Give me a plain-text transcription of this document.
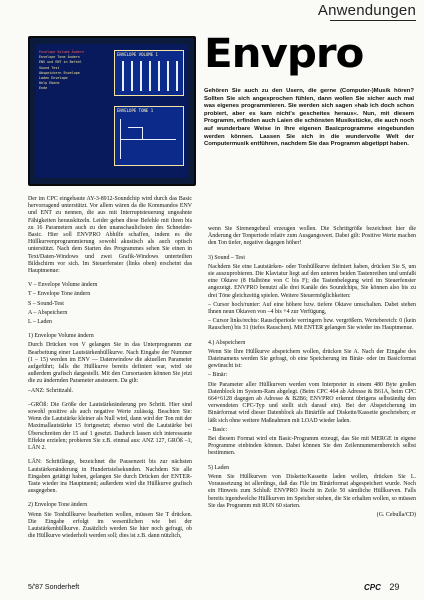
Anwendungen
Envelope Volume Ändern
Envelope Tone Ändern
ENV und ENT in Befehl
Sound Test
Abspeichern Envelope
Laden Envelope
Help Ebene
Ende
ENVELOPE VOLUME 1
ENVELOPE TONE 1
Envpro
Gehören Sie auch zu den Usern, die gerne (Computer-)Musik hören? Sollten Sie sich angesprochen fühlen, dann wollen Sie sicher auch mal was eigenes programmieren. Sie werden sich sagen »hab ich doch schon probiert, aber es kam nicht's gescheites heraus«. Nun, mit diesem Programm, erfinden auch Laien die schönsten Musikstücke, die auch noch auf wunderbare Weise in Ihre eigenen Basicprogramme eingebunden werden können. Lassen Sie sich in die wundervolle Welt der Computermusik entführen, nachdem Sie das Programm abgetippt haben.

Der im CPC eingebaute AY-3-8912-Soundchip wird durch das Basic hervorragend unterstützt. Vor allem wären da die Kommandos ENV und ENT zu nennen, die aus mit Interruptsteuerung ungeahnte Fähigkeiten herauskitzeln. Leider geben diese Befehle mit ihren bis zu 16 Parametern auch zu den unanschaulichsten des Schneider-Basic. Hier soll ENVPRO Abhilfe schaffen, indem es die Hüllkurvenprogrammierung sowohl akustisch als auch optisch unterstützt. Nach dem Starten des Programmes sehen Sie einen in Text/Daten-Windows und zwei Grafik-Windows unterteilten Bildschirm vor sich. Im Steuerfenster (links oben) erscheint das Hauptmenue:

V – Envelope Volume ändern

T – Envelope Tone ändern

S – Sound-Test

A – Abspeichern

L – Laden

1) Envelope Volume ändern

Durch Drücken von V gelangen Sie in das Unterprogramm zur Bearbeitung einer Lautstärkenhüllkurve. Nach Eingabe der Nummer (1 – 15) werden im ENV — Datenwindow die aktuellen Parameter aufgeführt; falls die Hüllkurve bereits definiert war, wird sie außerdem grafisch dargestellt. Mit den Cursortasten können Sie jetzt die zu ändernden Parameter ansteuern. Da gilt:

–ANZ: Schrittzahl.

–GRÖß: Die Größe der Lautstärkeänderung pro Schritt. Hier sind sowohl positive als auch negative Werte zulässig. Beachten Sie: Wenn die Lautstärke kleiner als Null wird, dann wird der Ton mit der Maximallautstärke 15 fortgesetzt; ebenso wird die Lautstärke bei Überschreiten der 15 auf 1 gesetzt. Dadurch lassen sich interessante Effekte erzielen; probieren Sie z.B. einmal aus: ANZ 127, GRÖß –1, LÄN 2.

LÄN: Schrittlänge, bezeichnet die Pausenzeit bis zur nächsten Lautstärkenänderung in Hundertstelsekunden. Nachdem Sie alle Eingaben getätigt haben, gelangen Sie durch Drücken der ENTER-Taste wieder ins Hauptmenü; außerdem wird die Hüllkurve grafisch ausgegeben.

2) Envelope Tone ändern

Wenn Sie Tonhüllkurve bearbeiten wollen, müssen Sie T drücken. Die Eingabe erfolgt im wesentlichen wie bei der Lautstärkenhüllkurve. Zusätzlich werden Sie hier noch gefragt, ob die Hüllkurve wiederholt werden soll; dies ist z.B. dann nützlich,

wenn Sie Sirenengeheul erzeugen wollen. Die Schrittgröße bezeichnet hier die Änderung der Tonperiode relativ zum Ausgangswert. Dabei gilt: Positive Werte machen den Ton tiefer, negative dagegen höher!

3) Sound – Test

Nachdem Sie eine Lautstärken- oder Tonhüllkurve definiert haben, drücken Sie S, um sie auszuprobieren. Die Klaviatur liegt auf den unteren beiden Tastenreihen und umfaßt eine Oktave (8 Halbtöne von C bis F); die Tastenbelegung wird im Steuerfenster angezeigt. ENVPRO benutzt alle drei Kanäle des Soundchips, Sie können also bis zu drei Töne gleichzeitig spielen. Weitere Steuermöglichkeiten:

– Cursor hoch/runter: Auf eine höhere bzw. tiefere Oktave umschalten. Dabei stehen Ihnen neun Oktaven von –4 bis +4 zur Verfügung,

– Cursor links/rechts: Rauschperiode verringern bzw. vergrößern. Wertebereich: 0 (kein Rauschen) bis 31 (tiefes Rauschen). Mit ENTER gelangen Sie wieder ins Hauptmenue.

4.) Abspeichern

Wenn Sie Ihre Hüllkurve abspeichern wollen, drücken Sie A. Nach der Eingabe des Dateinamens werden Sie gefragt, ob eine Speicherung im Binär- oder im Basicformat gewünscht ist:

– Binär:

Die Parameter aller Hüllkurven werden vom Interpreter in einem 480 Byte großen Datenblock im System-Ram abgelegt. (Beim CPC 464 ab Adresse & B61A, beim CPC 664+6128 dagegen ab Adresse & B2B6; ENVPRO erkennt übrigens selbständig den verwendeten CPC-Typ und stellt sich darauf ein). Bei der Abspeicherung im Binärformat wird dieser Datenblock als Binärfile auf Diskette/Kassette geschrieben; er läßt sich ohne weitere Maßnahmen mit LOAD wieder laden.

– Basic:

Bei diesem Format wird ein Basic-Programm erzeugt, das Sie mit MERGE in eigene Programme einbinden können. Dabei können Sie den Zeilennummernbereich selbst bestimmen.

5) Laden

Wenn Sie Hüllkurven von Diskette/Kassette laden wollen, drücken Sie L. Voraussetzung ist allerdings, daß das File im Binärformat abgespeichert wurde. Noch ein Hinweis zum Schluß: ENVPRO löscht in Zeile 50 sämtliche Hüllkurven. Falls bereits irgendwelche Hüllkurven im Speicher stehen, die Sie erhalten wollen, so müssen Sie das Programm mit RUN 60 starten.

(G. Cebulla/CD)

5/'87 Sonderheft	CPC 29
